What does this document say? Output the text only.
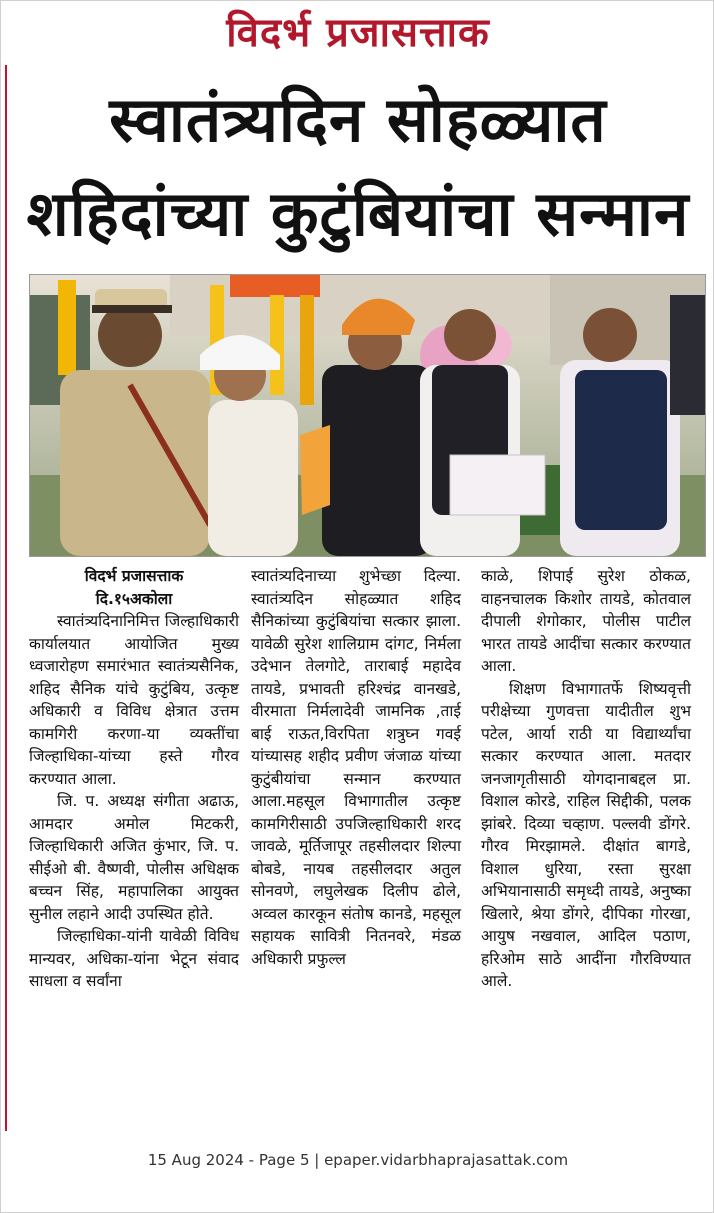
विदर्भ प्रजासत्ताक
स्वातंत्र्यदिन सोहळ्यात
शहिदांच्या कुटुंबियांचा सन्मान

विदर्भ प्रजासत्ताक

दि.१५अकोला

स्वातंत्र्यदिनानिमित्त जिल्हाधिकारी कार्यालयात आयोजित मुख्य ध्वजारोहण समारंभात स्वातंत्र्यसैनिक, शहिद सैनिक यांचे कुटुंबिय, उत्कृष्ट अधिकारी व विविध क्षेत्रात उत्तम कामगिरी करणा-या व्यक्तींचा जिल्हाधिका-यांच्या हस्ते गौरव करण्यात आला.

जि. प. अध्यक्ष संगीता अढाऊ, आमदार अमोल मिटकरी, जिल्हाधिकारी अजित कुंभार, जि. प. सीईओ बी. वैष्णवी, पोलीस अधिक्षक बच्चन सिंह, महापालिका आयुक्त सुनील लहाने आदी उपस्थित होते.

जिल्हाधिका-यांनी यावेळी विविध मान्यवर, अधिका-यांना भेटून संवाद साधला व सर्वांना

स्वातंत्र्यदिनाच्या शुभेच्छा दिल्या. स्वातंत्र्यदिन सोहळ्यात शहिद सैनिकांच्या कुटुंबियांचा सत्कार झाला. यावेळी सुरेश शालिग्राम दांगट, निर्मला उदेभान तेलगोटे, ताराबाई महादेव तायडे, प्रभावती हरिश्चंद्र वानखडे, वीरमाता निर्मलादेवी जामनिक ,ताई बाई राऊत,विरपिता शत्रुघ्न गवई यांच्यासह शहीद प्रवीण जंजाळ यांच्या कुटुंबीयांचा सन्मान करण्यात आला.महसूल विभागातील उत्कृष्ट कामगिरीसाठी उपजिल्हाधिकारी शरद जावळे, मूर्तिजापूर तहसीलदार शिल्पा बोबडे, नायब तहसीलदार अतुल सोनवणे, लघुलेखक दिलीप ढोले, अव्वल कारकून संतोष कानडे, महसूल सहायक सावित्री नितनवरे, मंडळ अधिकारी प्रफुल्ल

काळे, शिपाई सुरेश ठोकळ, वाहनचालक किशोर तायडे, कोतवाल दीपाली शेगोकार, पोलीस पाटील भारत तायडे आदींचा सत्कार करण्यात आला.

शिक्षण विभागातर्फे शिष्यवृत्ती परीक्षेच्या गुणवत्ता यादीतील शुभ पटेल, आर्या राठी या विद्यार्थ्यांचा सत्कार करण्यात आला. मतदार जनजागृतीसाठी योगदानाबद्दल प्रा. विशाल कोरडे, राहिल सिद्दीकी, पलक झांबरे. दिव्या चव्हाण. पल्लवी डोंगरे. गौरव मिरझामले. दीक्षांत बागडे, विशाल धुरिया, रस्ता सुरक्षा अभियानासाठी समृध्दी तायडे, अनुष्का खिलारे, श्रेया डोंगरे, दीपिका गोरखा, आयुष नखवाल, आदिल पठाण, हरिओम साठे आदींना गौरविण्यात आले.

15 Aug 2024 - Page 5 | epaper.vidarbhaprajasattak.com
